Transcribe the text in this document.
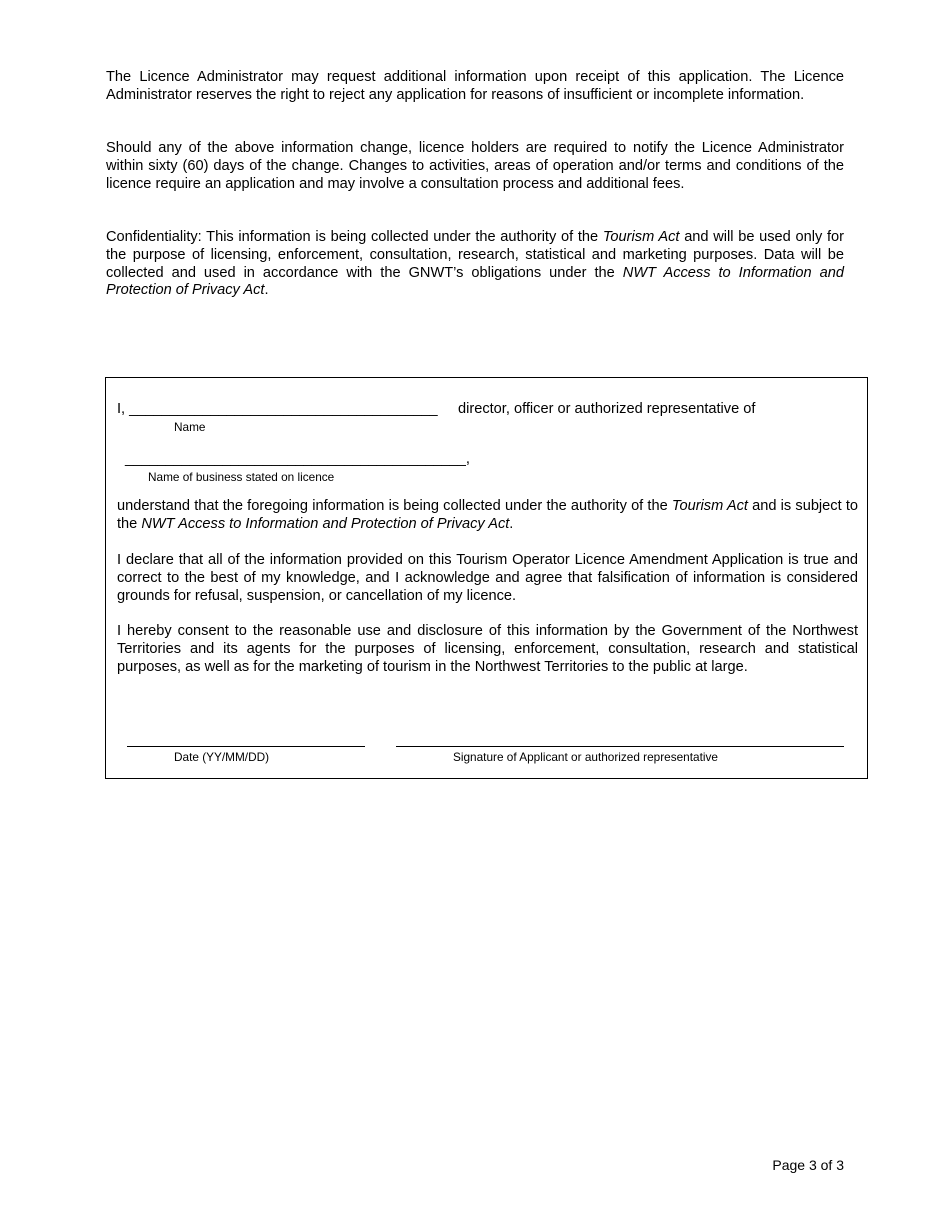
The Licence Administrator may request additional information upon receipt of this application. The Licence Administrator reserves the right to reject any application for reasons of insufficient or incomplete information.

Should any of the above information change, licence holders are required to notify the Licence Administrator within sixty (60) days of the change. Changes to activities, areas of operation and/or terms and conditions of the licence require an application and may involve a consultation process and additional fees.

Confidentiality: This information is being collected under the authority of the Tourism Act and will be used only for the purpose of licensing, enforcement, consultation, research, statistical and marketing purposes. Data will be collected and used in accordance with the GNWT’s obligations under the NWT Access to Information and Protection of Privacy Act.

I, ______________________________________ director, officer or authorized representative of
Name
__________________________________________,
Name of business stated on licence

understand that the foregoing information is being collected under the authority of the Tourism Act and is subject to the NWT Access to Information and Protection of Privacy Act.

I declare that all of the information provided on this Tourism Operator Licence Amendment Application is true and correct to the best of my knowledge, and I acknowledge and agree that falsification of information is considered grounds for refusal, suspension, or cancellation of my licence.

I hereby consent to the reasonable use and disclosure of this information by the Government of the Northwest Territories and its agents for the purposes of licensing, enforcement, consultation, research and statistical purposes, as well as for the marketing of tourism in the Northwest Territories to the public at large.

Date (YY/MM/DD)	Signature of Applicant or authorized representative
Page 3 of 3
